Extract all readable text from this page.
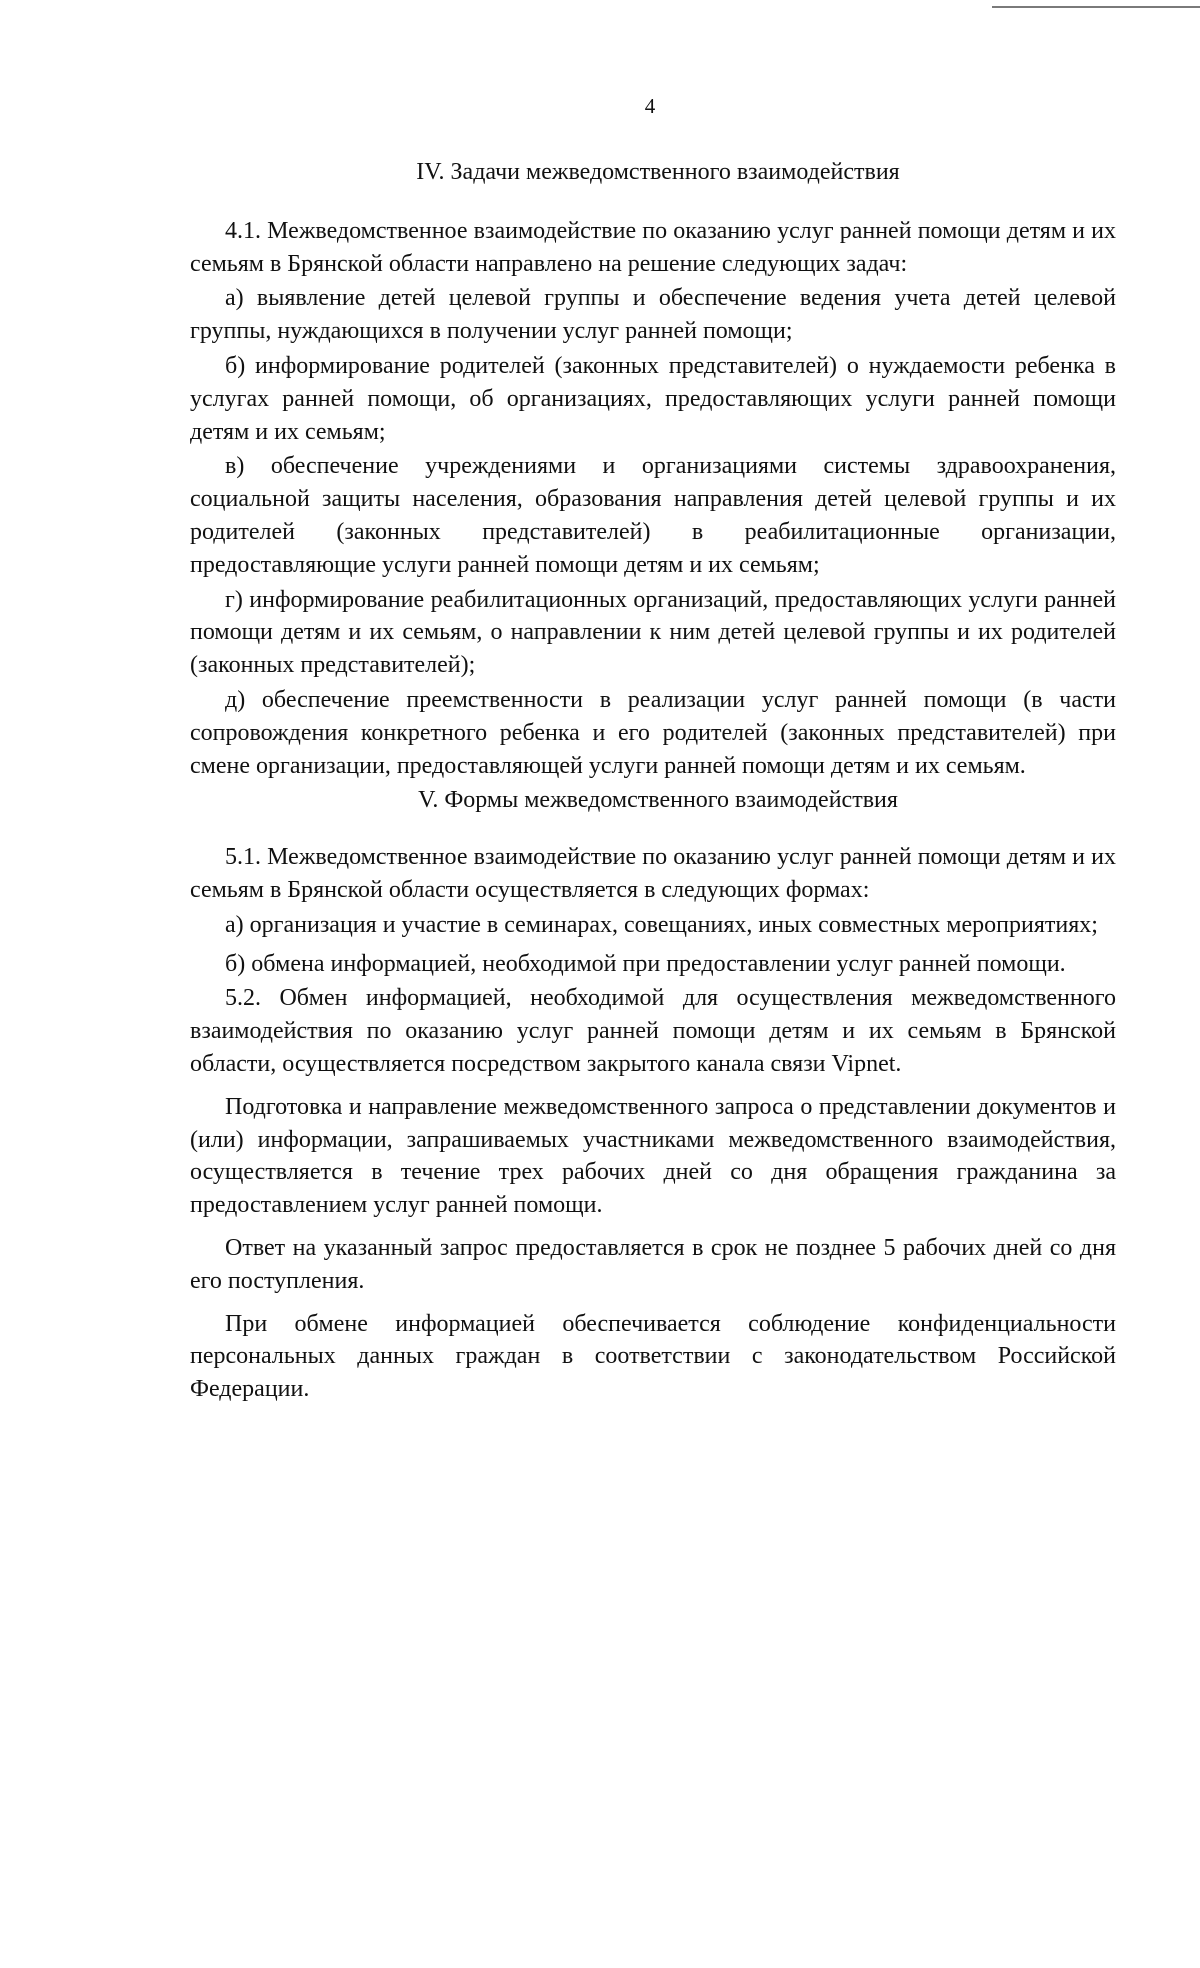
4
IV. Задачи межведомственного взаимодействия

4.1. Межведомственное взаимодействие по оказанию услуг ранней помощи детям и их семьям в Брянской области направлено на решение следующих задач:

а) выявление детей целевой группы и обеспечение ведения учета детей целевой группы, нуждающихся в получении услуг ранней помощи;

б) информирование родителей (законных представителей) о нуждаемости ребенка в услугах ранней помощи, об организациях, предоставляющих услуги ранней помощи детям и их семьям;

в) обеспечение учреждениями и организациями системы здравоохранения, социальной защиты населения, образования направления детей целевой группы и их родителей (законных представителей) в реабилитационные организации, предоставляющие услуги ранней помощи детям и их семьям;

г) информирование реабилитационных организаций, предоставляющих услуги ранней помощи детям и их семьям, о направлении к ним детей целевой группы и их родителей (законных представителей);

д) обеспечение преемственности в реализации услуг ранней помощи (в части сопровождения конкретного ребенка и его родителей (законных представителей) при смене организации, предоставляющей услуги ранней помощи детям и их семьям.

V. Формы межведомственного взаимодействия

5.1. Межведомственное взаимодействие по оказанию услуг ранней помощи детям и их семьям в Брянской области осуществляется в следующих формах:

а) организация и участие в семинарах, совещаниях, иных совместных мероприятиях;

б) обмена информацией, необходимой при предоставлении услуг ранней помощи.

5.2. Обмен информацией, необходимой для осуществления межведомственного взаимодействия по оказанию услуг ранней помощи детям и их семьям в Брянской области, осуществляется посредством закрытого канала связи Vipnet.

Подготовка и направление межведомственного запроса о представлении документов и (или) информации, запрашиваемых участниками межведомственного взаимодействия, осуществляется в течение трех рабочих дней со дня обращения гражданина за предоставлением услуг ранней помощи.

Ответ на указанный запрос предоставляется в срок не позднее 5 рабочих дней со дня его поступления.

При обмене информацией обеспечивается соблюдение конфиденциальности персональных данных граждан в соответствии с законодательством Российской Федерации.
